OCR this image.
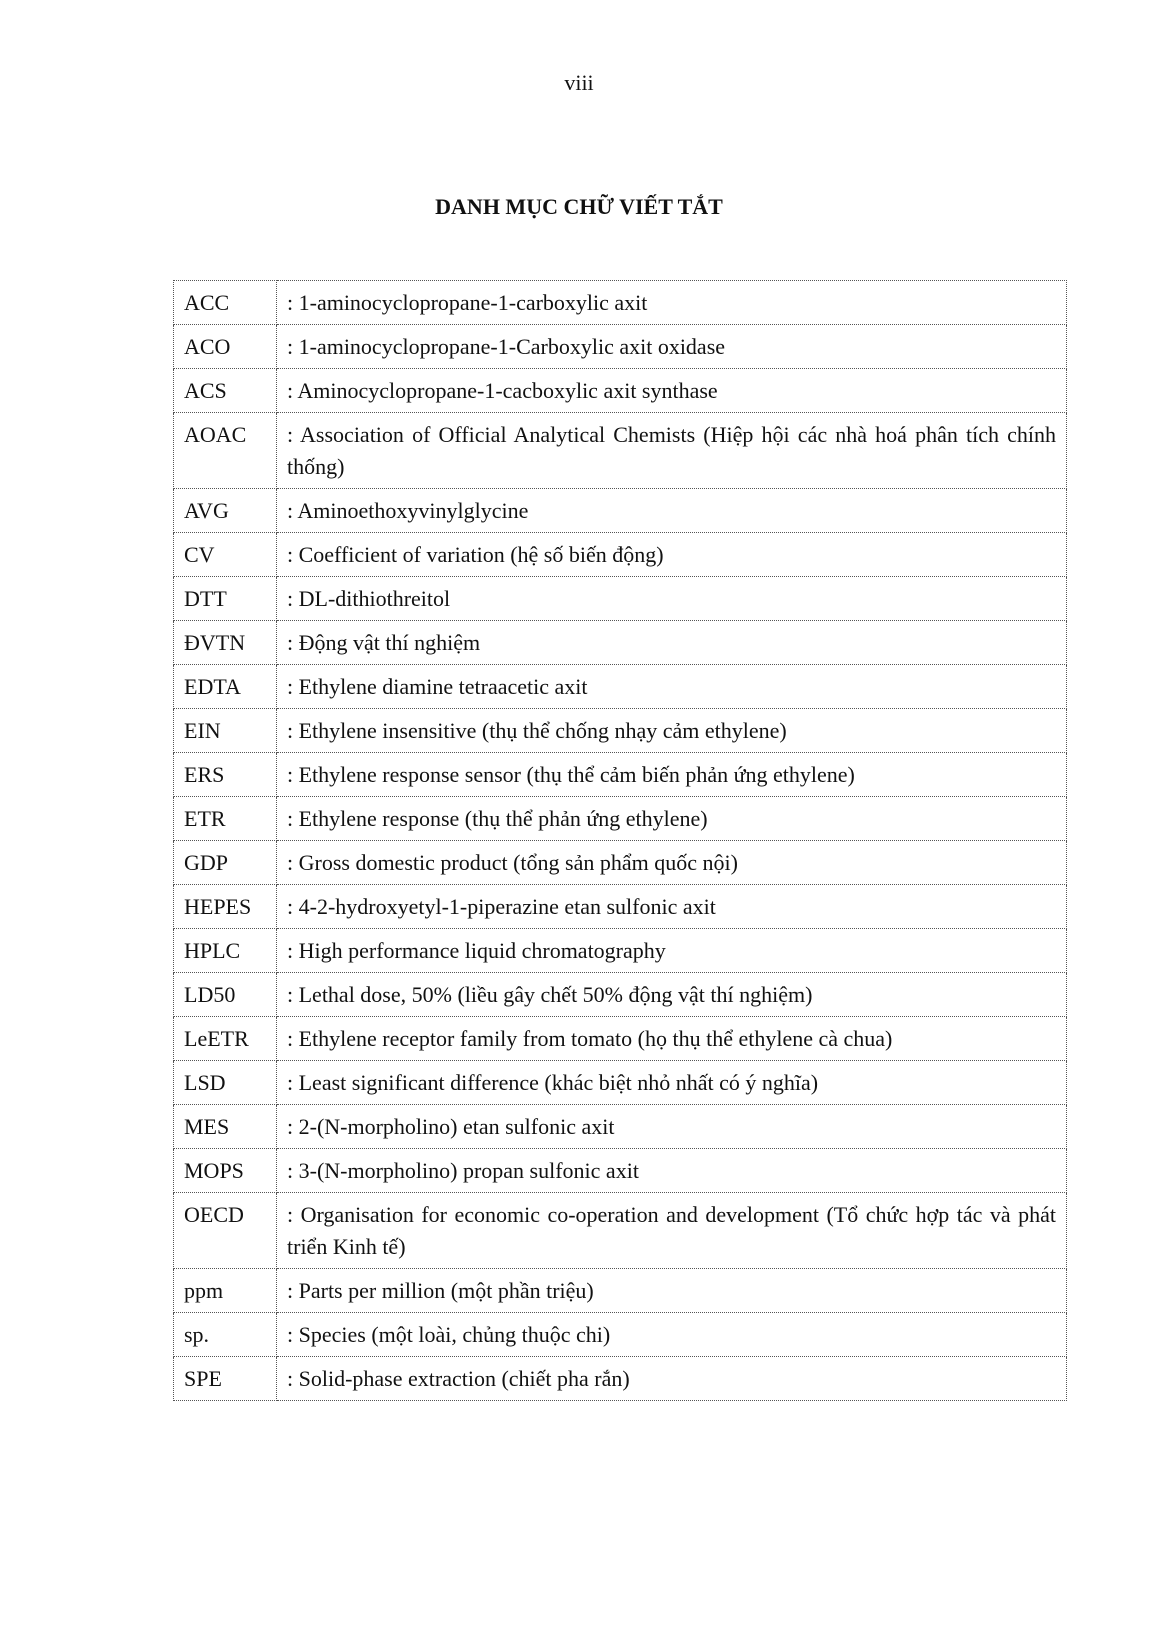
viii
DANH MỤC CHỮ VIẾT TẮT
ACC	: 1-aminocyclopropane-1-carboxylic axit
ACO	: 1-aminocyclopropane-1-Carboxylic axit oxidase
ACS	: Aminocyclopropane-1-cacboxylic axit synthase
AOAC	: Association of Official Analytical Chemists (Hiệp hội các nhà hoá phân tích chính thống)
AVG	: Aminoethoxyvinylglycine
CV	: Coefficient of variation (hệ số biến động)
DTT	: DL-dithiothreitol
ĐVTN	: Động vật thí nghiệm
EDTA	: Ethylene diamine tetraacetic axit
EIN	: Ethylene insensitive (thụ thể chống nhạy cảm ethylene)
ERS	: Ethylene response sensor (thụ thể cảm biến phản ứng ethylene)
ETR	: Ethylene response (thụ thể phản ứng ethylene)
GDP	: Gross domestic product (tổng sản phẩm quốc nội)
HEPES	: 4-2-hydroxyetyl-1-piperazine etan sulfonic axit
HPLC	: High performance liquid chromatography
LD50	: Lethal dose, 50% (liều gây chết 50% động vật thí nghiệm)
LeETR	: Ethylene receptor family from tomato (họ thụ thể ethylene cà chua)
LSD	: Least significant difference (khác biệt nhỏ nhất có ý nghĩa)
MES	: 2-(N-morpholino) etan sulfonic axit
MOPS	: 3-(N-morpholino) propan sulfonic axit
OECD	: Organisation for economic co-operation and development (Tổ chức hợp tác và phát triển Kinh tế)
ppm	: Parts per million (một phần triệu)
sp.	: Species (một loài, chủng thuộc chi)
SPE	: Solid-phase extraction (chiết pha rắn)
